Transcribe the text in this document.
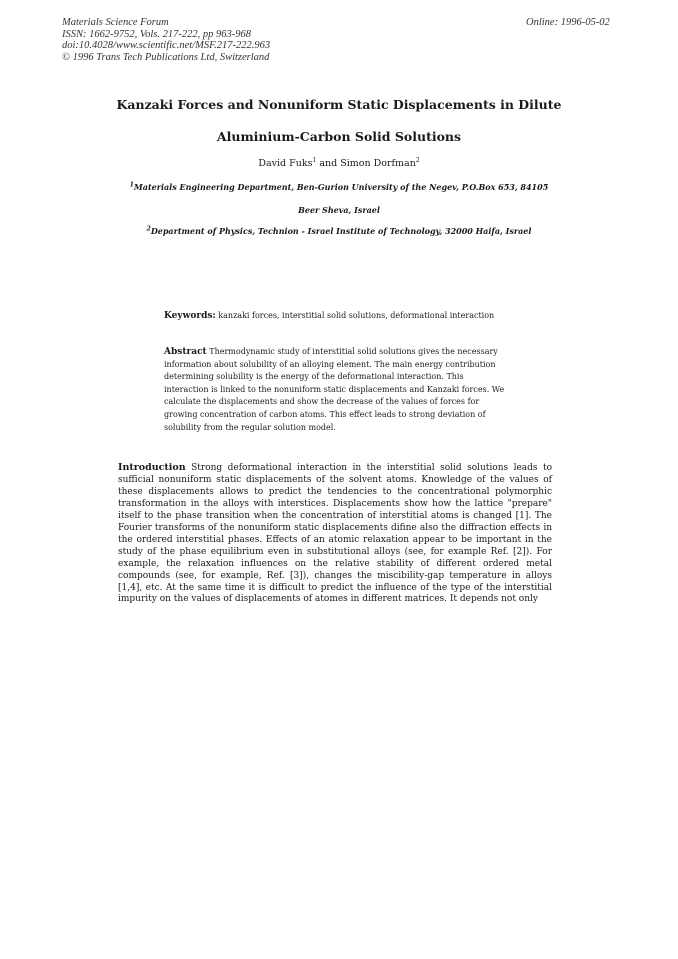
Materials Science Forum
ISSN: 1662-9752, Vols. 217-222, pp 963-968
doi:10.4028/www.scientific.net/MSF.217-222.963
© 1996 Trans Tech Publications Ltd, Switzerland
Online: 1996-05-02
Kanzaki Forces and Nonuniform Static Displacements in Dilute
Aluminium-Carbon Solid Solutions
David Fuks$^1$ and Simon Dorfman$^2$
$^1$Materials Engineering Department, Ben-Gurion University of the Negev, P.O.Box 653, 84105
Beer Sheva, Israel
$^2$Department of Physics, Technion - Israel Institute of Technology, 32000 Haifa, Israel
Keywords: kanzaki forces, interstitial solid solutions, deformational interaction
Abstract Thermodynamic study of interstitial solid solutions gives the necessary information about solubility of an alloying element. The main energy contribution determining solubility is the energy of the deformational interaction. This interaction is linked to the nonuniform static displacements and Kanzaki forces. We calculate the displacements and show the decrease of the values of forces for growing concentration of carbon atoms. This effect leads to strong deviation of solubility from the regular solution model.
Introduction Strong deformational interaction in the interstitial solid solutions leads to sufficial nonuniform static displacements of the solvent atoms. Knowledge of the values of these displacements allows to predict the tendencies to the concentrational polymorphic transformation in the alloys with interstices. Displacements show how the lattice "prepare" itself to the phase transition when the concentration of interstitial atoms is changed [1]. The Fourier transforms of the nonuniform static displacements difine also the diffraction effects in the ordered interstitial phases. Effects of an atomic relaxation appear to be important in the study of the phase equilibrium even in substitutional alloys (see, for example Ref. [2]). For example, the relaxation influences on the relative stability of different ordered metal compounds (see, for example, Ref. [3]), changes the miscibility-gap temperature in alloys [1,4], etc. At the same time it is difficult to predict the influence of the type of the interstitial impurity on the values of displacements of atomes in different matrices. It depends not only
